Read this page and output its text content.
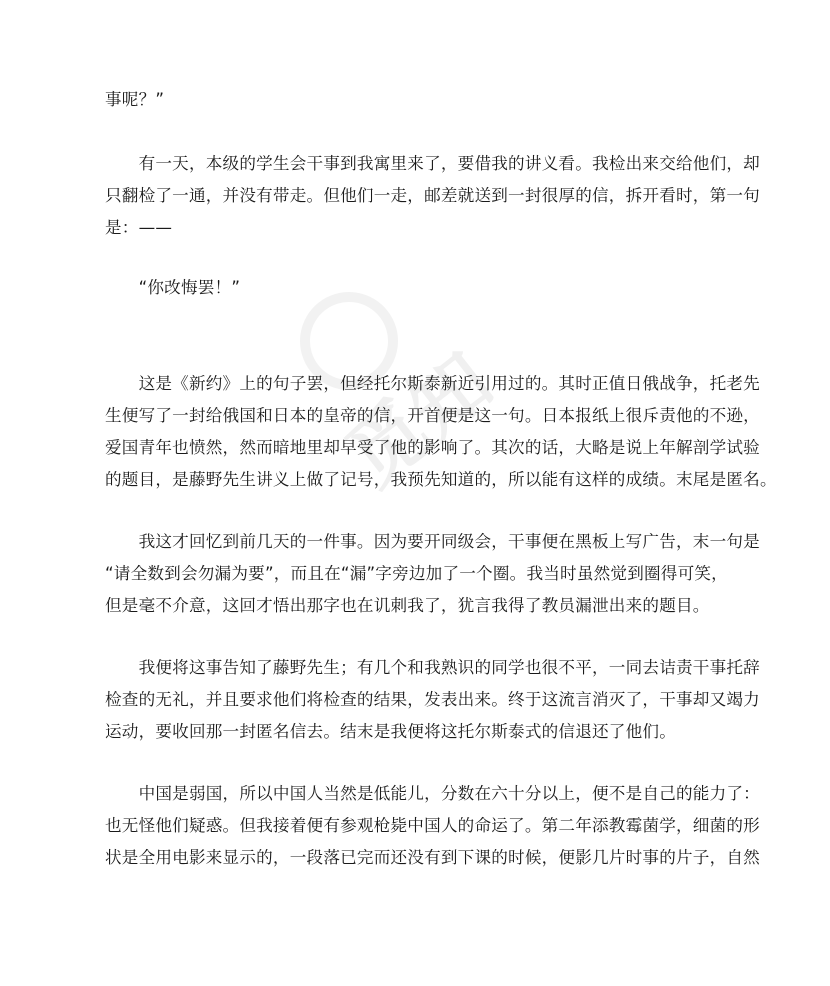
觅知

事呢？”

　　有一天，本级的学生会干事到我寓里来了，要借我的讲义看。我检出来交给他们，却
只翻检了一通，并没有带走。但他们一走，邮差就送到一封很厚的信，拆开看时，第一句
是：——

　　“你改悔罢！”

　　这是《新约》上的句子罢，但经托尔斯泰新近引用过的。其时正值日俄战争，托老先
生便写了一封给俄国和日本的皇帝的信，开首便是这一句。日本报纸上很斥责他的不逊，
爱国青年也愤然，然而暗地里却早受了他的影响了。其次的话，大略是说上年解剖学试验
的题目，是藤野先生讲义上做了记号，我预先知道的，所以能有这样的成绩。末尾是匿名。

　　我这才回忆到前几天的一件事。因为要开同级会，干事便在黑板上写广告，末一句是
“请全数到会勿漏为要”，而且在“漏”字旁边加了一个圈。我当时虽然觉到圈得可笑，
但是毫不介意，这回才悟出那字也在讥刺我了，犹言我得了教员漏泄出来的题目。

　　我便将这事告知了藤野先生；有几个和我熟识的同学也很不平，一同去诘责干事托辞
检查的无礼，并且要求他们将检查的结果，发表出来。终于这流言消灭了，干事却又竭力
运动，要收回那一封匿名信去。结末是我便将这托尔斯泰式的信退还了他们。

　　中国是弱国，所以中国人当然是低能儿，分数在六十分以上，便不是自己的能力了：
也无怪他们疑惑。但我接着便有参观枪毙中国人的命运了。第二年添教霉菌学，细菌的形
状是全用电影来显示的，一段落已完而还没有到下课的时候，便影几片时事的片子，自然
